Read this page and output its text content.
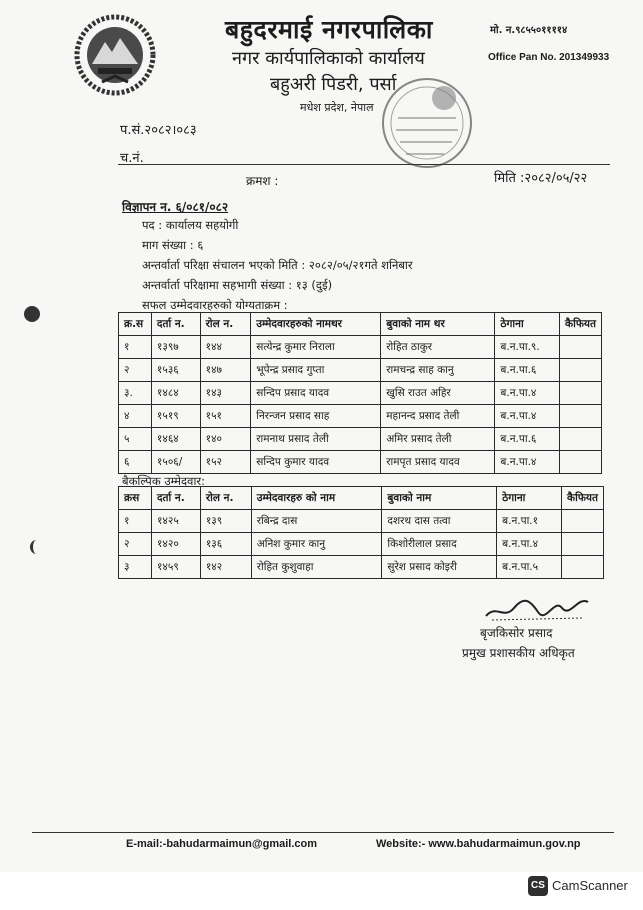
बहुदरमाई नगरपालिका
नगर कार्यपालिकाको कार्यालय
बहुअरी पिडरी, पर्सा
मधेश प्रदेश, नेपाल
मो. न.९८५५०११११४
Office Pan No. 201349933
प.सं.२०८२।०८३
च.नं.
क्रमश :	मिति :२०८२/०५/२२
विज्ञापन न. ६/०८१/०८२
पद : कार्यालय सहयोगी
माग संख्या : ६
अन्तर्वार्ता परिक्षा संचालन भएको मिति : २०८२/०५/२१गते शनिबार
अन्तर्वार्ता परिक्षामा सहभागी संख्या : १३ (दुई)
सफल उम्मेदवारहरुको योग्यताक्रम :
क्र.स	दर्ता न.	रोल न.	उम्मेदवारहरुको नामथर	बुवाको नाम थर	ठेगाना	कैफियत
१	१३९७	१४४	सत्येन्द्र कुमार निराला	रोहित ठाकुर	ब.न.पा.९.	
२	१५३६	१४७	भूपेन्द्र प्रसाद गुप्ता	रामचन्द्र साह कानु	ब.न.पा.६	
३.	१४८४	१४३	सन्दिप प्रसाद यादव	खुसि राउत अहिर	ब.न.पा.४	
४	१५१९	१५१	निरन्जन प्रसाद साह	महानन्द प्रसाद तेली	ब.न.पा.४	
५	१४६४	१४०	रामनाथ प्रसाद तेली	अमिर प्रसाद तेली	ब.न.पा.६	
६	१५०६/	१५२	सन्दिप कुमार यादव	रामपृत प्रसाद यादव	ब.न.पा.४	
बैकल्पिक उम्मेदवार:
क्रस	दर्ता न.	रोल न.	उम्मेदवारहरु को नाम	बुवाको नाम	ठेगाना	कैफियत
१	१४२५	१३९	रबिन्द्र दास	दशरथ दास तत्वा	ब.न.पा.१	
२	१४२०	१३६	अनिश कुमार कानु	किशोरीलाल प्रसाद	ब.न.पा.४	
३	१४५९	१४२	रोहित कुशुवाहा	सुरेश प्रसाद कोइरी	ब.न.पा.५	
बृजकिसोर प्रसाद
प्रमुख प्रशासकीय अधिकृत
E-mail:-bahudarmaimun@gmail.com	Website:- www.bahudarmaimun.gov.np
CS CamScanner
